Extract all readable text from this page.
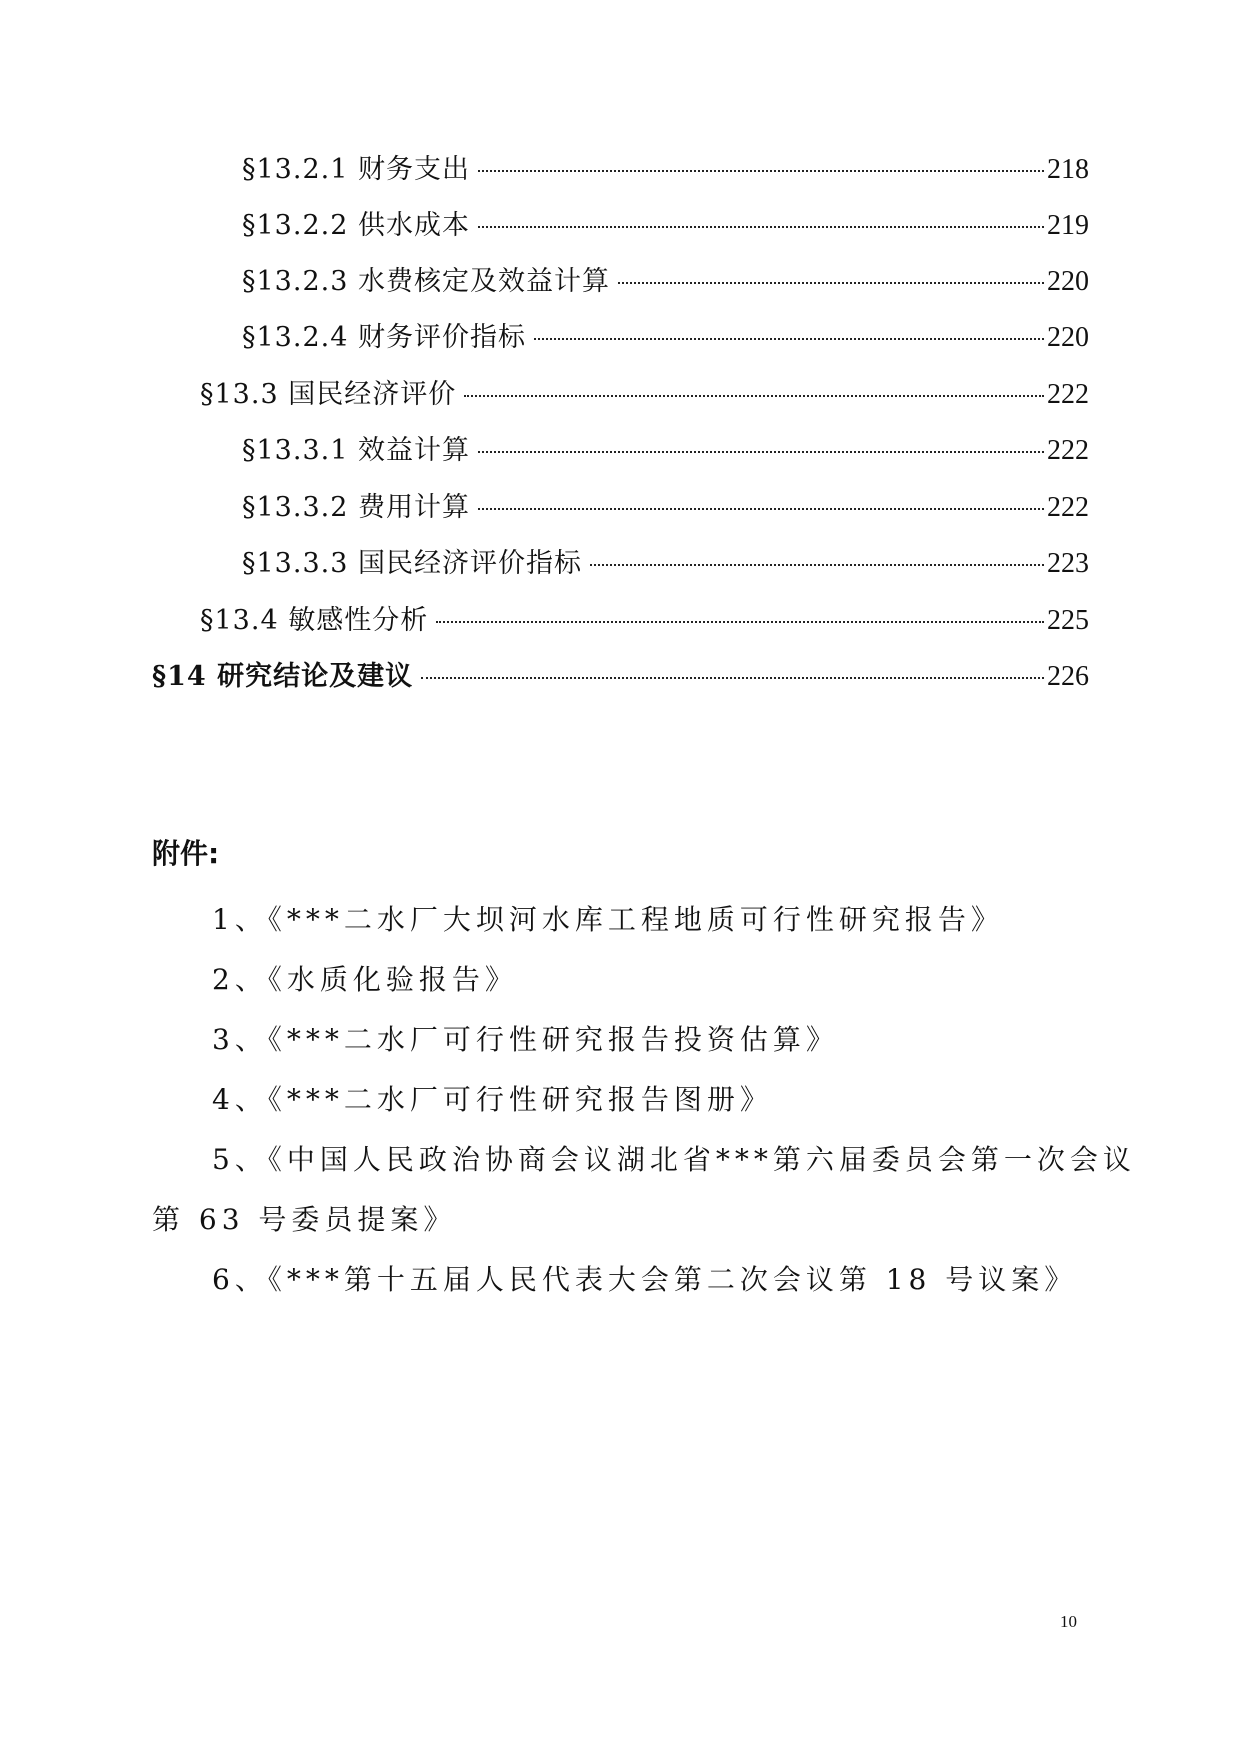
§13.2.1 财务支出	218
§13.2.2 供水成本	219
§13.2.3 水费核定及效益计算	220
§13.2.4 财务评价指标	220
§13.3 国民经济评价	222
§13.3.1 效益计算	222
§13.3.2 费用计算	222
§13.3.3 国民经济评价指标	223
§13.4 敏感性分析	225
§14 研究结论及建议	226
附件:
1、《***二水厂大坝河水库工程地质可行性研究报告》
2、《水质化验报告》
3、《***二水厂可行性研究报告投资估算》
4、《***二水厂可行性研究报告图册》
5、《中国人民政治协商会议湖北省***第六届委员会第一次会议
第 63 号委员提案》
6、《***第十五届人民代表大会第二次会议第 18 号议案》
10
